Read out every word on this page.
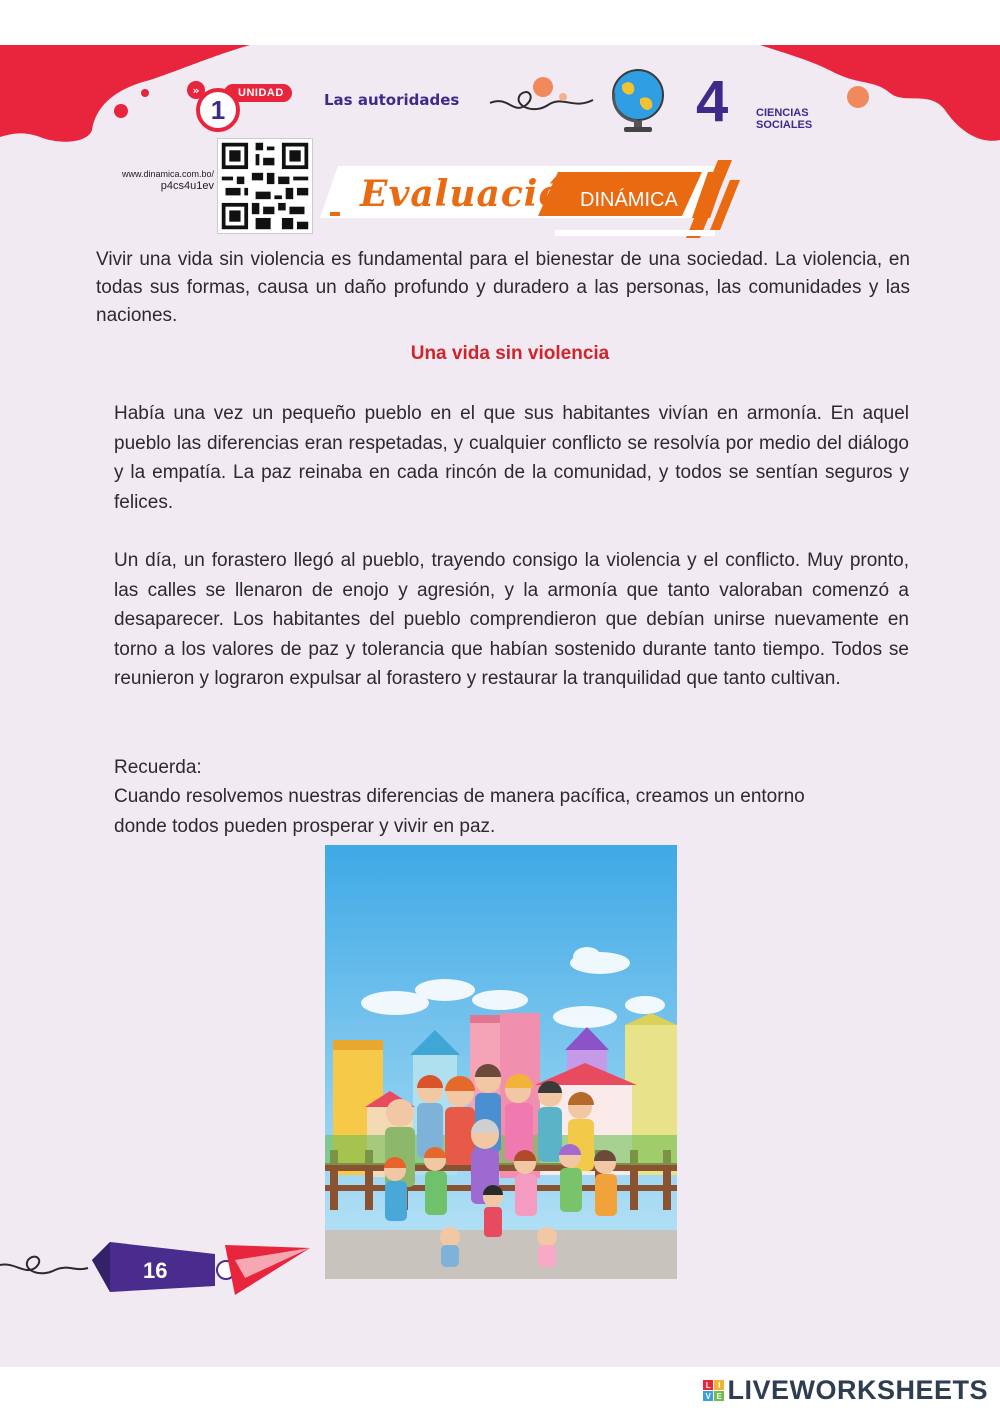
UNIDAD
1
»
Las autoridades	4	CIENCIAS
SOCIALES
www.dinamica.com.bo/
p4cs4u1ev	Evaluación
DINÁMICA
Vivir una vida sin violencia es fundamental para el bienestar de una sociedad. La violencia, en todas sus formas, causa un daño profundo y duradero a las personas, las comunidades y las naciones.
Una vida sin violencia

Había una vez un pequeño pueblo en el que sus habitantes vivían en armonía. En aquel pueblo las diferencias eran respetadas, y cualquier conflicto se resolvía por medio del diálogo y la empatía. La paz reinaba en cada rincón de la comunidad, y todos se sentían seguros y felices.

Un día, un forastero llegó al pueblo, trayendo consigo la violencia y el conflicto. Muy pronto, las calles se llenaron de enojo y agresión, y la armonía que tanto valoraban comenzó a desaparecer. Los habitantes del pueblo comprendieron que debían unirse nuevamente en torno a los valores de paz y tolerancia que habían sostenido durante tanto tiempo. Todos se reunieron y lograron expulsar al forastero y restaurar la tranquilidad que tanto cultivan.

Recuerda:
Cuando resolvemos nuestras diferencias de manera pacífica, creamos un entorno donde todos pueden prosperar y vivir en paz.
16
L I
V E LIVEWORKSHEETS
